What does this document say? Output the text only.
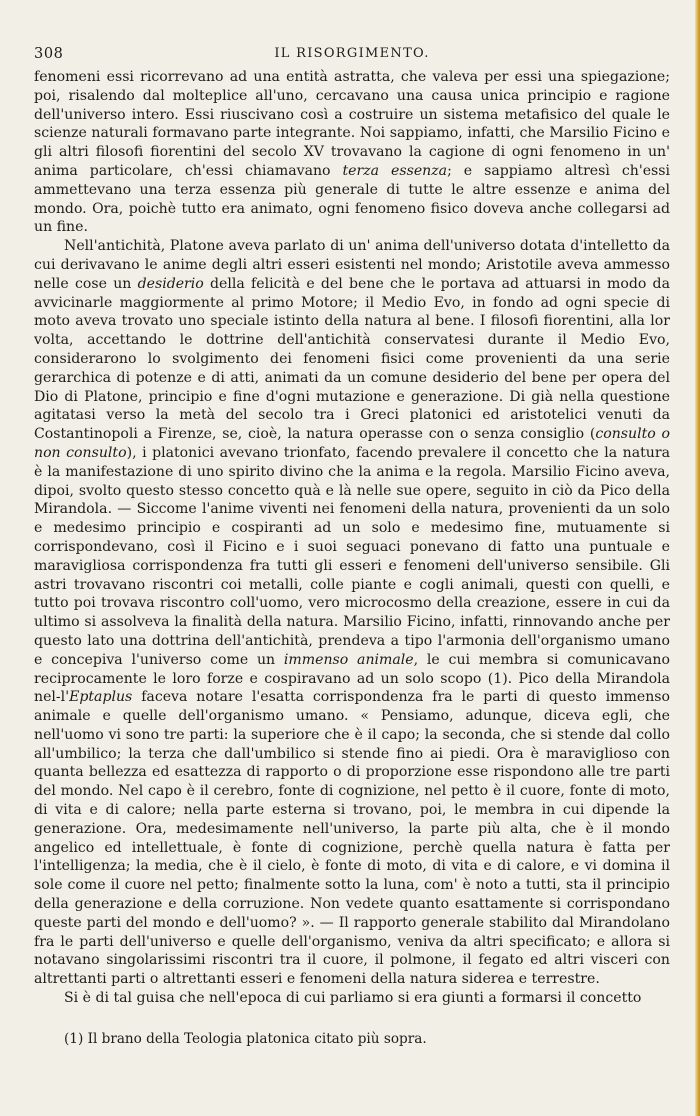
308	IL RISORGIMENTO.

fenomeni essi ricorrevano ad una entità astratta, che valeva per essi una spiegazione; poi, risalendo dal molteplice all'uno, cercavano una causa unica principio e ragione dell'universo intero. Essi riuscivano così a costruire un sistema metafisico del quale le scienze naturali formavano parte integrante. Noi sappiamo, infatti, che Marsilio Ficino e gli altri filosofi fiorentini del secolo XV trovavano la cagione di ogni fenomeno in un' anima particolare, ch'essi chiamavano terza essenza; e sappiamo altresì ch'essi ammettevano una terza essenza più generale di tutte le altre essenze e anima del mondo. Ora, poichè tutto era animato, ogni fenomeno fisico doveva anche collegarsi ad un fine.

Nell'antichità, Platone aveva parlato di un' anima dell'universo dotata d'intelletto da cui derivavano le anime degli altri esseri esistenti nel mondo; Aristotile aveva ammesso nelle cose un desiderio della felicità e del bene che le portava ad attuarsi in modo da avvicinarle maggiormente al primo Motore; il Medio Evo, in fondo ad ogni specie di moto aveva trovato uno speciale istinto della natura al bene. I filosofi fiorentini, alla lor volta, accettando le dottrine dell'antichità conservatesi durante il Medio Evo, considerarono lo svolgimento dei fenomeni fisici come provenienti da una serie gerarchica di potenze e di atti, animati da un comune desiderio del bene per opera del Dio di Platone, principio e fine d'ogni mutazione e generazione. Di già nella questione agitatasi verso la metà del secolo tra i Greci platonici ed aristotelici venuti da Costantinopoli a Firenze, se, cioè, la natura operasse con o senza consiglio (consulto o non consulto), i platonici avevano trionfato, facendo prevalere il concetto che la natura è la manifestazione di uno spirito divino che la anima e la regola. Marsilio Ficino aveva, dipoi, svolto questo stesso concetto quà e là nelle sue opere, seguito in ciò da Pico della Mirandola. — Siccome l'anime viventi nei fenomeni della natura, provenienti da un solo e medesimo principio e cospiranti ad un solo e medesimo fine, mutuamente si corrispondevano, così il Ficino e i suoi seguaci ponevano di fatto una puntuale e maravigliosa corrispondenza fra tutti gli esseri e fenomeni dell'universo sensibile. Gli astri trovavano riscontri coi metalli, colle piante e cogli animali, questi con quelli, e tutto poi trovava riscontro coll'uomo, vero microcosmo della creazione, essere in cui da ultimo si assolveva la finalità della natura. Marsilio Ficino, infatti, rinnovando anche per questo lato una dottrina dell'antichità, prendeva a tipo l'armonia dell'organismo umano e concepiva l'universo come un immenso animale, le cui membra si comunicavano reciprocamente le loro forze e cospiravano ad un solo scopo (1). Pico della Mirandola nel-l'Eptaplus faceva notare l'esatta corrispondenza fra le parti di questo immenso animale e quelle dell'organismo umano. « Pensiamo, adunque, diceva egli, che nell'uomo vi sono tre parti: la superiore che è il capo; la seconda, che si stende dal collo all'umbilico; la terza che dall'umbilico si stende fino ai piedi. Ora è maraviglioso con quanta bellezza ed esattezza di rapporto o di proporzione esse rispondono alle tre parti del mondo. Nel capo è il cerebro, fonte di cognizione, nel petto è il cuore, fonte di moto, di vita e di calore; nella parte esterna si trovano, poi, le membra in cui dipende la generazione. Ora, medesimamente nell'universo, la parte più alta, che è il mondo angelico ed intellettuale, è fonte di cognizione, perchè quella natura è fatta per l'intelligenza; la media, che è il cielo, è fonte di moto, di vita e di calore, e vi domina il sole come il cuore nel petto; finalmente sotto la luna, com' è noto a tutti, sta il principio della generazione e della corruzione. Non vedete quanto esattamente si corrispondano queste parti del mondo e dell'uomo? ». — Il rapporto generale stabilito dal Mirandolano fra le parti dell'universo e quelle dell'organismo, veniva da altri specificato; e allora si notavano singolarissimi riscontri tra il cuore, il polmone, il fegato ed altri visceri con altrettanti parti o altrettanti esseri e fenomeni della natura siderea e terrestre.

Si è di tal guisa che nell'epoca di cui parliamo si era giunti a formarsi il concetto

(1) Il brano della Teologia platonica citato più sopra.
